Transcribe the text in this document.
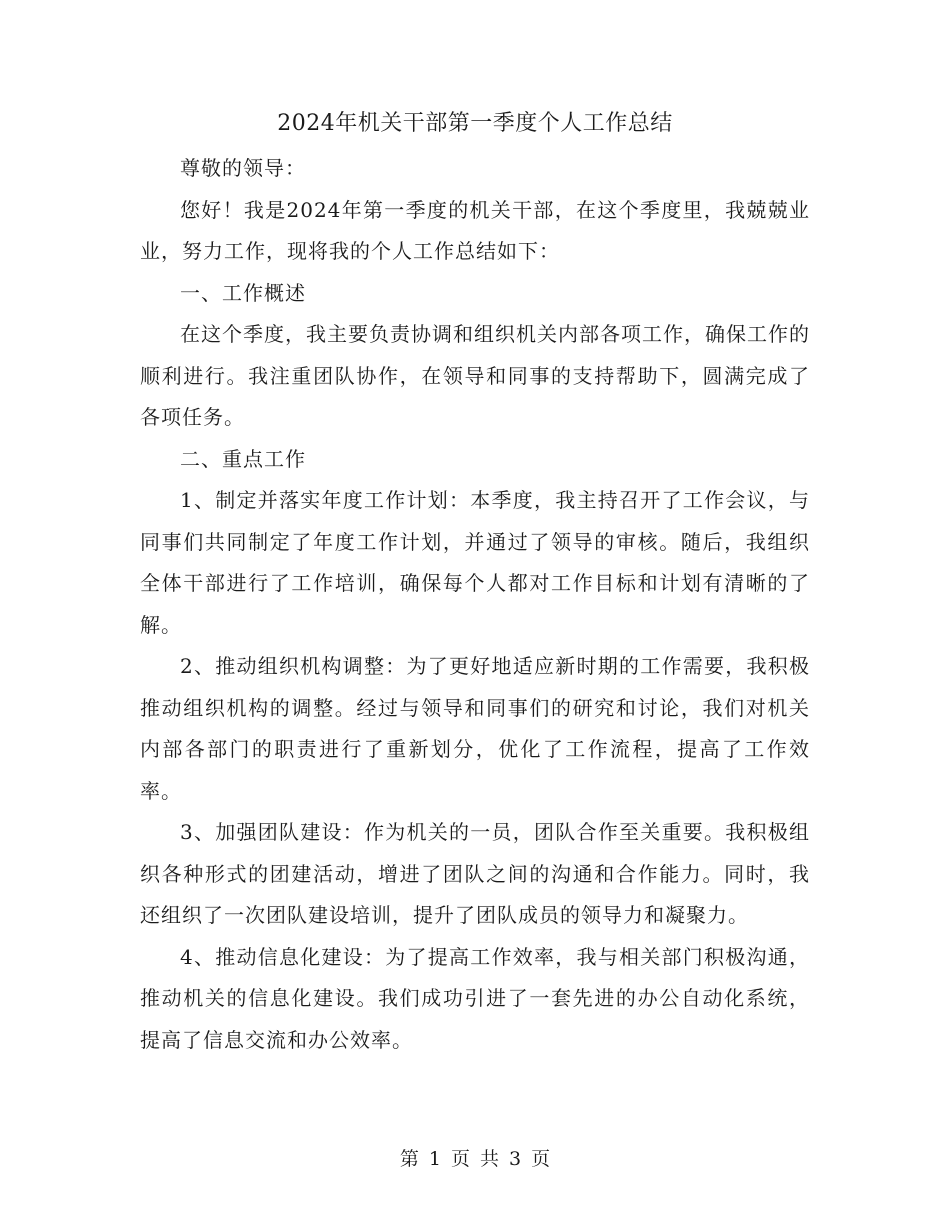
2024年机关干部第一季度个人工作总结

尊敬的领导：

您好！我是2024年第一季度的机关干部，在这个季度里，我兢兢业业，努力工作，现将我的个人工作总结如下：

一、工作概述

在这个季度，我主要负责协调和组织机关内部各项工作，确保工作的顺利进行。我注重团队协作，在领导和同事的支持帮助下，圆满完成了各项任务。

二、重点工作

1、制定并落实年度工作计划：本季度，我主持召开了工作会议，与同事们共同制定了年度工作计划，并通过了领导的审核。随后，我组织全体干部进行了工作培训，确保每个人都对工作目标和计划有清晰的了解。

2、推动组织机构调整：为了更好地适应新时期的工作需要，我积极推动组织机构的调整。经过与领导和同事们的研究和讨论，我们对机关内部各部门的职责进行了重新划分，优化了工作流程，提高了工作效率。

3、加强团队建设：作为机关的一员，团队合作至关重要。我积极组织各种形式的团建活动，增进了团队之间的沟通和合作能力。同时，我还组织了一次团队建设培训，提升了团队成员的领导力和凝聚力。

4、推动信息化建设：为了提高工作效率，我与相关部门积极沟通，推动机关的信息化建设。我们成功引进了一套先进的办公自动化系统，提高了信息交流和办公效率。

第 1 页 共 3 页
